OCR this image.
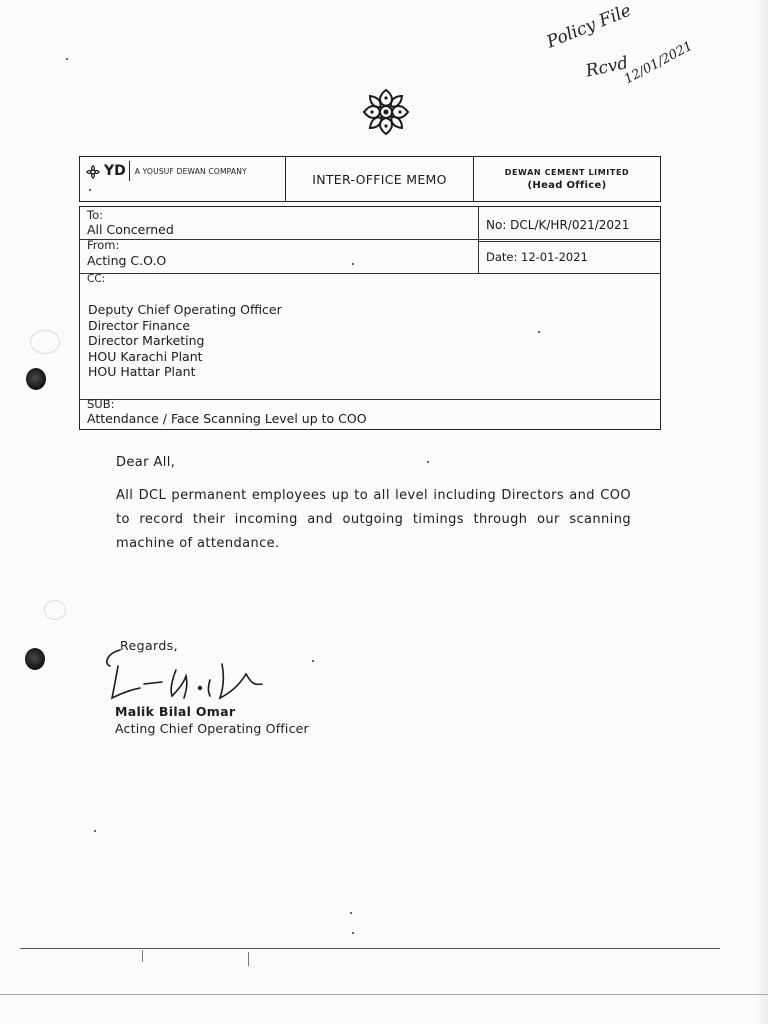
Policy File
Rcvd
12/01/2021
YD	A YOUSUF DEWAN COMPANY
INTER-OFFICE MEMO	DEWAN CEMENT LIMITED
(Head Office)
To:
All Concerned	No: DCL/K/HR/021/2021
From:
Acting C.O.O	Date: 12-01-2021
CC:
Deputy Chief Operating Officer
Director Finance
Director Marketing
HOU Karachi Plant
HOU Hattar Plant
SUB:
Attendance / Face Scanning Level up to COO
Dear All,
All DCL permanent employees up to all level including Directors and COO to record their incoming and outgoing timings through our scanning machine of attendance.
Regards,
Malik Bilal Omar
Acting Chief Operating Officer
